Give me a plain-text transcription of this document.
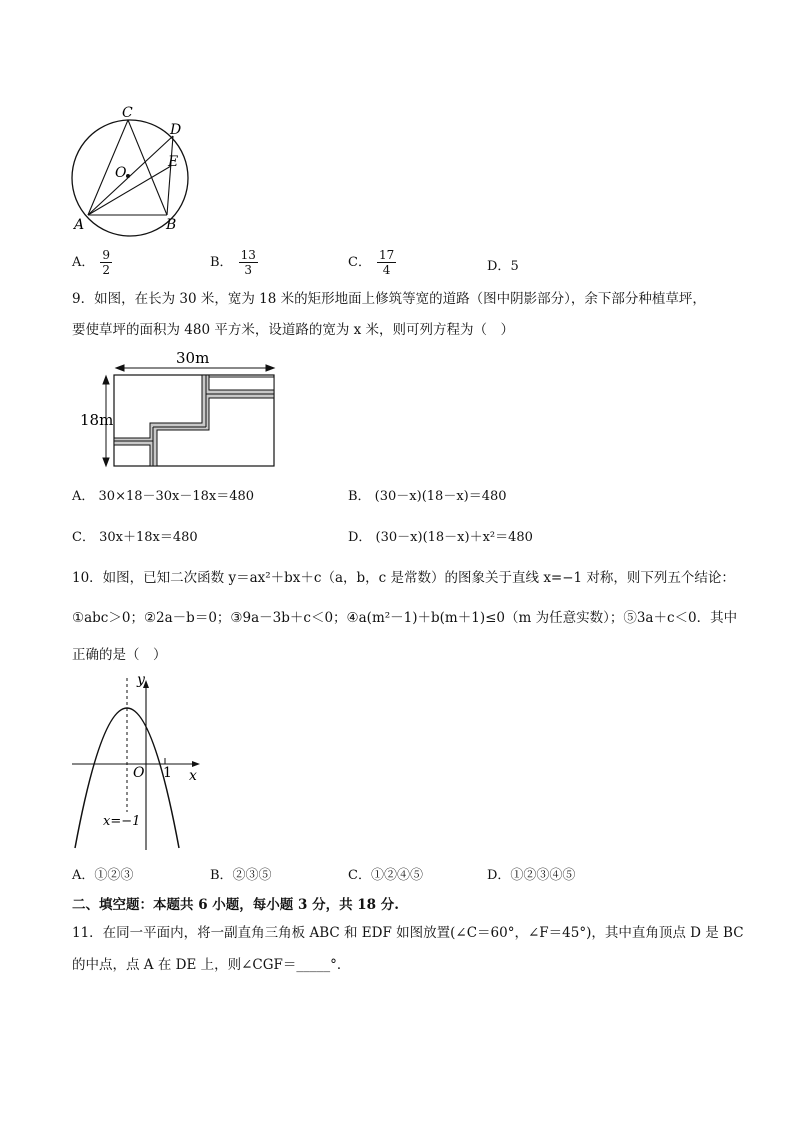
C
D
E
O
A	B
A． $\frac{9}{2}$	B． $\frac{13}{3}$	C． $\frac{17}{4}$	D．5
9．如图，在长为 30 米，宽为 18 米的矩形地面上修筑等宽的道路（图中阴影部分），余下部分种植草坪，
要使草坪的面积为 480 平方米，设道路的宽为 x 米，则可列方程为（　）
30m
18m
A． 30×18－30x－18x＝480	B． (30－x)(18－x)＝480
C． 30x＋18x＝480	D． (30－x)(18－x)＋x²＝480
10．如图，已知二次函数 y＝ax²＋bx＋c（a，b，c 是常数）的图象关于直线 x=−1 对称，则下列五个结论：
①abc＞0；②2a－b＝0；③9a－3b＋c＜0；④a(m²－1)＋b(m＋1)≤0（m 为任意实数）；⑤3a＋c＜0．其中
正确的是（　）
y
x
O 1
x=−1
A．①②③	B．②③⑤	C．①②④⑤	D．①②③④⑤
二、填空题：本题共 6 小题，每小题 3 分，共 18 分.
11．在同一平面内，将一副直角三角板 ABC 和 EDF 如图放置(∠C＝60°，∠F＝45°)，其中直角顶点 D 是 BC
的中点，点 A 在 DE 上，则∠CGF＝_____°．
